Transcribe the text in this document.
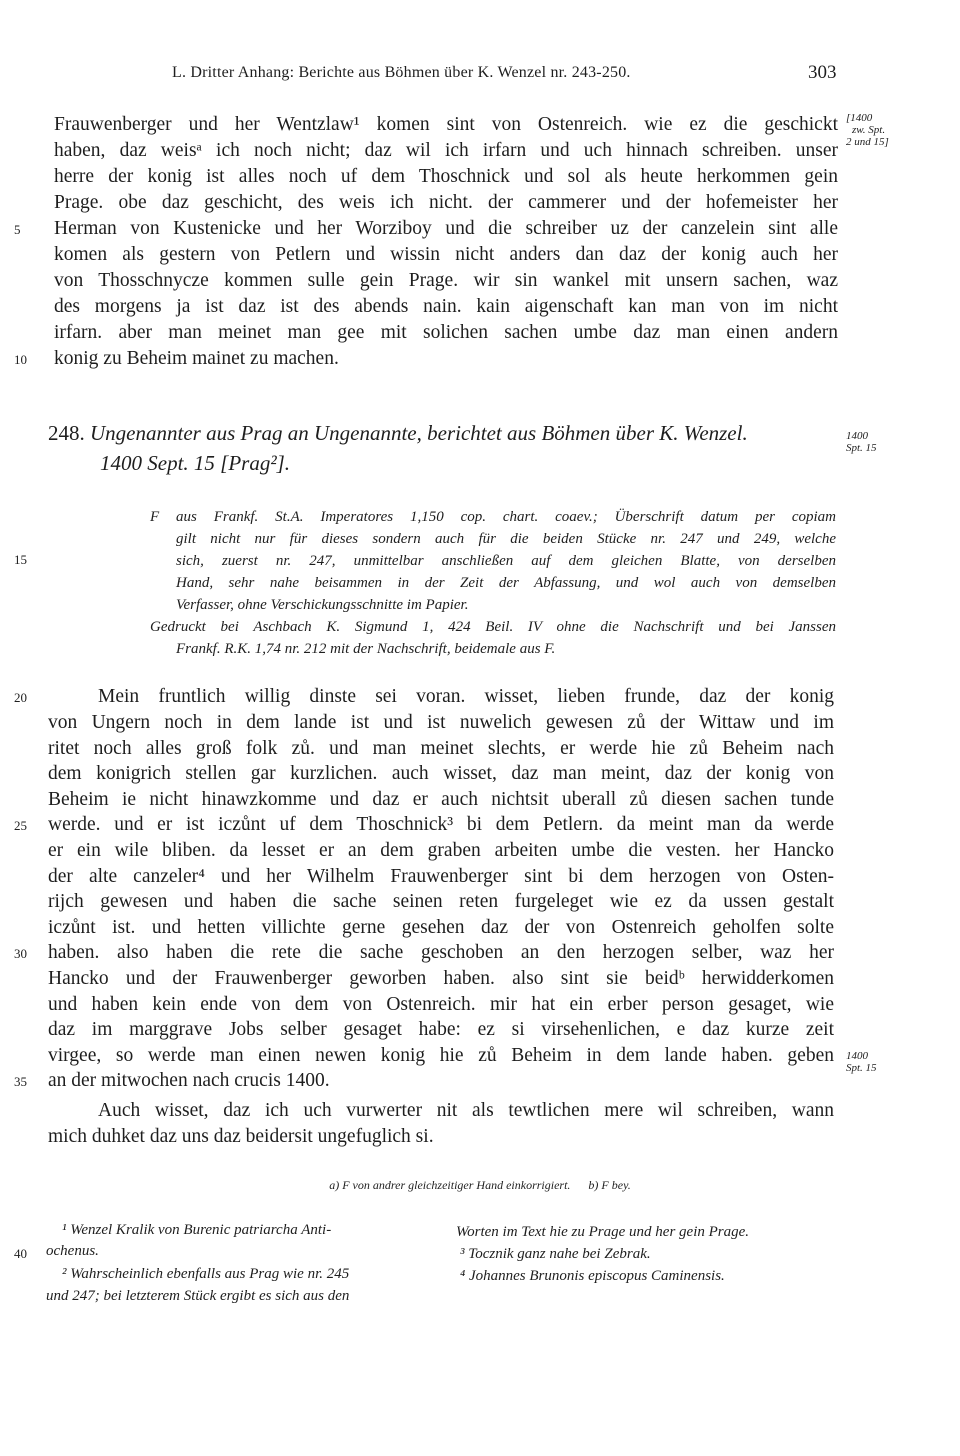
L. Dritter Anhang: Berichte aus Böhmen über K. Wenzel nr. 243-250.	303
Frauwenberger und her Wentzlaw¹ komen sint von Ostenreich. wie ez die geschickt
haben, daz weisᵃ ich noch nicht; daz wil ich irfarn und uch hinnach schreiben. unser
herre der konig ist alles noch uf dem Thoschnick und sol als heute herkommen gein
Prage. obe daz geschicht, des weis ich nicht. der cammerer und der hofemeister her
Herman von Kustenicke und her Worziboy und die schreiber uz der canzelein sint alle
komen als gestern von Petlern und wissin nicht anders dan daz der konig auch her
von Thosschnycze kommen sulle gein Prage. wir sin wankel mit unsern sachen, waz
des morgens ja ist daz ist des abends nain. kain aigenschaft kan man von im nicht
irfarn. aber man meinet man gee mit solichen sachen umbe daz man einen andern
konig zu Beheim mainet zu machen.
5
10
[1400
zw. Spt.
2 und 15]
248. Ungenannter aus Prag an Ungenannte, berichtet aus Böhmen über K. Wenzel.
1400 Sept. 15 [Prag²].
1400
Spt. 15
F aus Frankf. St.A. Imperatores 1,150 cop. chart. coaev.; Überschrift datum per copiam
gilt nicht nur für dieses sondern auch für die beiden Stücke nr. 247 und 249, welche
sich, zuerst nr. 247, unmittelbar anschließen auf dem gleichen Blatte, von derselben
Hand, sehr nahe beisammen in der Zeit der Abfassung, und wol auch von demselben
Verfasser, ohne Verschickungsschnitte im Papier.
Gedruckt bei Aschbach K. Sigmund 1, 424 Beil. IV ohne die Nachschrift und bei Janssen
Frankf. R.K. 1,74 nr. 212 mit der Nachschrift, beidemale aus F.
15
Mein fruntlich willig dinste sei voran. wisset, lieben frunde, daz der konig
von Ungern noch in dem lande ist und ist nuwelich gewesen zů der Wittaw und im
ritet noch alles groß folk zů. und man meinet slechts, er werde hie zů Beheim nach
dem konigrich stellen gar kurzlichen. auch wisset, daz man meint, daz der konig von
Beheim ie nicht hinawzkomme und daz er auch nichtsit uberall zů diesen sachen tunde
werde. und er ist iczůnt uf dem Thoschnick³ bi dem Petlern. da meint man da werde
er ein wile bliben. da lesset er an dem graben arbeiten umbe die vesten. her Hancko
der alte canzeler⁴ und her Wilhelm Frauwenberger sint bi dem herzogen von Osten-
rijch gewesen und haben die sache seinen reten furgeleget wie ez da ussen gestalt
iczůnt ist. und hetten villichte gerne gesehen daz der von Ostenreich geholfen solte
haben. also haben die rete die sache geschoben an den herzogen selber, waz her
Hancko und der Frauwenberger geworben haben. also sint sie beidᵇ herwidderkomen
und haben kein ende von dem von Ostenreich. mir hat ein erber person gesaget, wie
daz im marggrave Jobs selber gesaget habe: ez si virsehenlichen, e daz kurze zeit
virgee, so werde man einen newen konig hie zů Beheim in dem lande haben. geben
an der mitwochen nach crucis 1400.
Auch wisset, daz ich uch vurwerter nit als tewtlichen mere wil schreiben, wann
mich duhket daz uns daz beidersit ungefuglich si.
20
25
30
35
1400
Spt. 15
a) F von andrer gleichzeitiger Hand einkorrigiert. b) F bey.
¹ Wenzel Kralik von Burenic patriarcha Anti-
ochenus.
² Wahrscheinlich ebenfalls aus Prag wie nr. 245
und 247; bei letzterem Stück ergibt es sich aus den
40
Worten im Text hie zu Prage und her gein Prage.
³ Tocznik ganz nahe bei Zebrak.
⁴ Johannes Brunonis episcopus Caminensis.
